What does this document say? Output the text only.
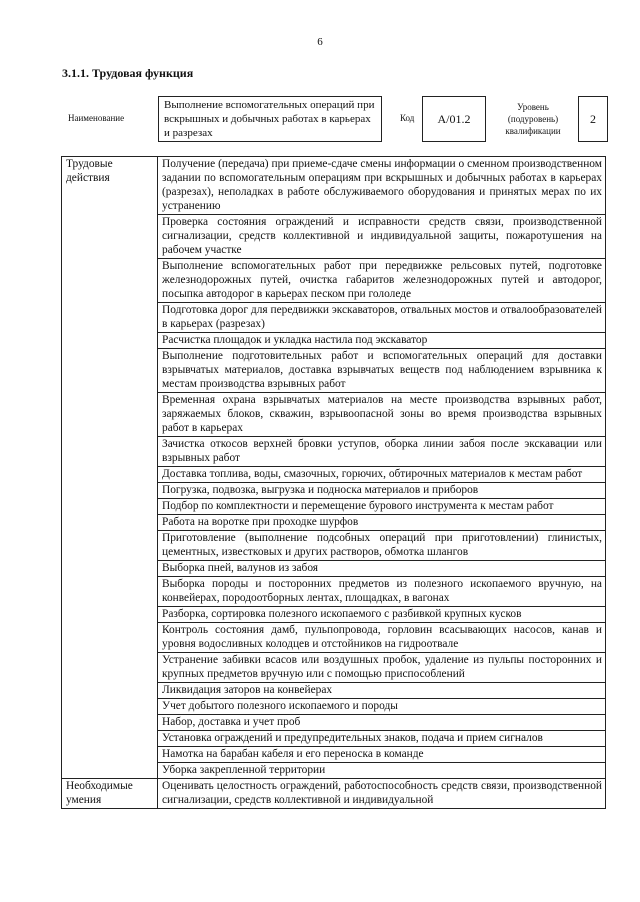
6
3.1.1. Трудовая функция
Наименование
Выполнение вспомогательных операций при вскрышных и добычных работах в карьерах и разрезах
Код	А/01.2
Уровень (подуровень) квалификации
2
Трудовые действия	Получение (передача) при приеме-сдаче смены информации о сменном производственном задании по вспомогательным операциям при вскрышных и добычных работах в карьерах (разрезах), неполадках в работе обслуживаемого оборудования и принятых мерах по их устранению
	Проверка состояния ограждений и исправности средств связи, производственной сигнализации, средств коллективной и индивидуальной защиты, пожаротушения на рабочем участке
	Выполнение вспомогательных работ при передвижке рельсовых путей, подготовке железнодорожных путей, очистка габаритов железнодорожных путей и автодорог, посыпка автодорог в карьерах песком при гололеде
	Подготовка дорог для передвижки экскаваторов, отвальных мостов и отвалообразователей в карьерах (разрезах)
	Расчистка площадок и укладка настила под экскаватор
	Выполнение подготовительных работ и вспомогательных операций для доставки взрывчатых материалов, доставка взрывчатых веществ под наблюдением взрывника к местам производства взрывных работ
	Временная охрана взрывчатых материалов на месте производства взрывных работ, заряжаемых блоков, скважин, взрывоопасной зоны во время производства взрывных работ в карьерах
	Зачистка откосов верхней бровки уступов, оборка линии забоя после экскавации или взрывных работ
	Доставка топлива, воды, смазочных, горючих, обтирочных материалов к местам работ
	Погрузка, подвозка, выгрузка и подноска материалов и приборов
	Подбор по комплектности и перемещение бурового инструмента к местам работ
	Работа на воротке при проходке шурфов
	Приготовление (выполнение подсобных операций при приготовлении) глинистых, цементных, известковых и других растворов, обмотка шлангов
	Выборка пней, валунов из забоя
	Выборка породы и посторонних предметов из полезного ископаемого вручную, на конвейерах, породоотборных лентах, площадках, в вагонах
	Разборка, сортировка полезного ископаемого с разбивкой крупных кусков
	Контроль состояния дамб, пульпопровода, горловин всасывающих насосов, канав и уровня водосливных колодцев и отстойников на гидроотвале
	Устранение забивки всасов или воздушных пробок, удаление из пульпы посторонних и крупных предметов вручную или с помощью приспособлений
	Ликвидация заторов на конвейерах
	Учет добытого полезного ископаемого и породы
	Набор, доставка и учет проб
	Установка ограждений и предупредительных знаков, подача и прием сигналов
	Намотка на барабан кабеля и его переноска в команде
	Уборка закрепленной территории
Необходимые умения	Оценивать целостность ограждений, работоспособность средств связи, производственной сигнализации, средств коллективной и индивидуальной
